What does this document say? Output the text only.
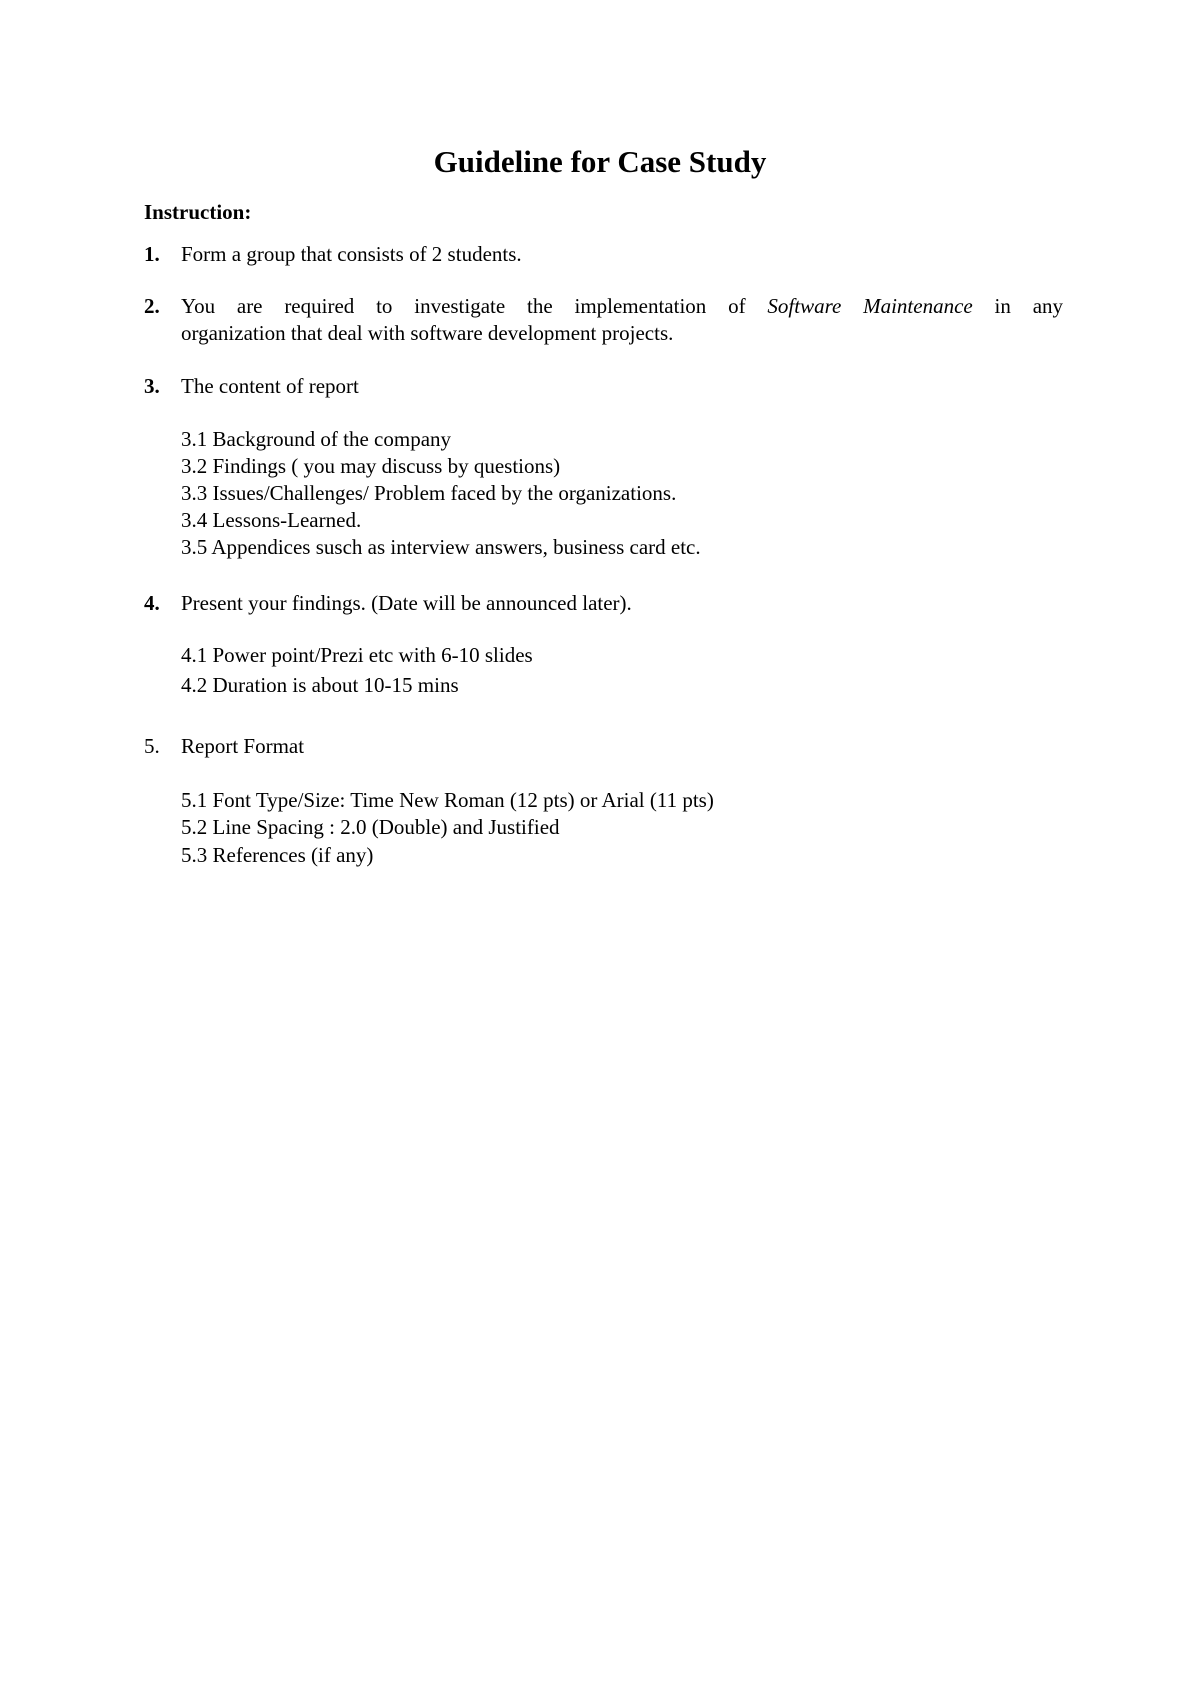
Guideline for Case Study
Instruction:
1. Form a group that consists of 2 students.
2. You are required to investigate the implementation of Software Maintenance in any
organization that deal with software development projects.
3. The content of report
3.1 Background of the company
3.2 Findings ( you may discuss by questions)
3.3 Issues/Challenges/ Problem faced by the organizations.
3.4 Lessons-Learned.
3.5 Appendices susch as interview answers, business card etc.
4. Present your findings. (Date will be announced later).
4.1 Power point/Prezi etc with 6-10 slides
4.2 Duration is about 10-15 mins
5. Report Format
5.1 Font Type/Size: Time New Roman (12 pts) or Arial (11 pts)
5.2 Line Spacing : 2.0 (Double) and Justified
5.3 References (if any)
